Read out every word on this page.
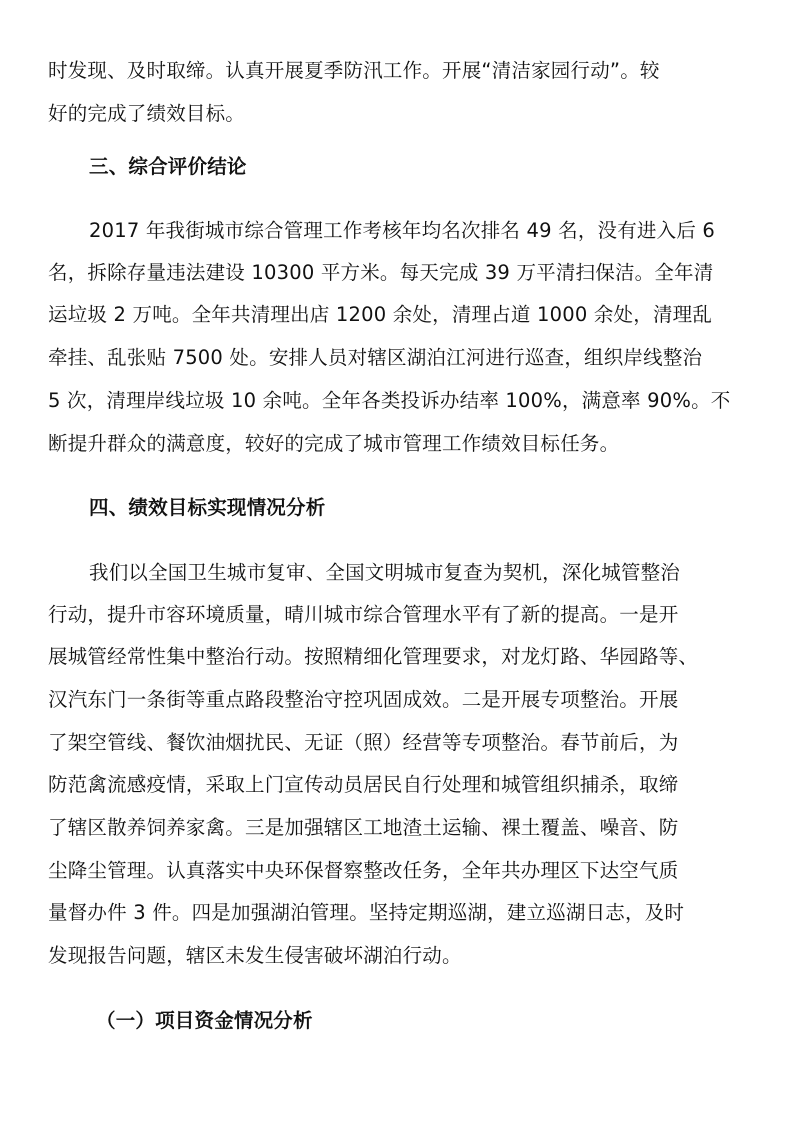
时发现、及时取缔。认真开展夏季防汛工作。开展“清洁家园行动”。较
好的完成了绩效目标。
三、综合评价结论
2017 年我街城市综合管理工作考核年均名次排名 49 名，没有进入后 6
名，拆除存量违法建设 10300 平方米。每天完成 39 万平清扫保洁。全年清
运垃圾 2 万吨。全年共清理出店 1200 余处，清理占道 1000 余处，清理乱
牵挂、乱张贴 7500 处。安排人员对辖区湖泊江河进行巡查，组织岸线整治
5 次，清理岸线垃圾 10 余吨。全年各类投诉办结率 100%，满意率 90%。不
断提升群众的满意度，较好的完成了城市管理工作绩效目标任务。
四、绩效目标实现情况分析
我们以全国卫生城市复审、全国文明城市复查为契机，深化城管整治
行动，提升市容环境质量，晴川城市综合管理水平有了新的提高。一是开
展城管经常性集中整治行动。按照精细化管理要求，对龙灯路、华园路等、
汉汽东门一条街等重点路段整治守控巩固成效。二是开展专项整治。开展
了架空管线、餐饮油烟扰民、无证（照）经营等专项整治。春节前后，为
防范禽流感疫情，采取上门宣传动员居民自行处理和城管组织捕杀，取缔
了辖区散养饲养家禽。三是加强辖区工地渣土运输、裸土覆盖、噪音、防
尘降尘管理。认真落实中央环保督察整改任务，全年共办理区下达空气质
量督办件 3 件。四是加强湖泊管理。坚持定期巡湖，建立巡湖日志，及时
发现报告问题，辖区未发生侵害破坏湖泊行动。
（一）项目资金情况分析
